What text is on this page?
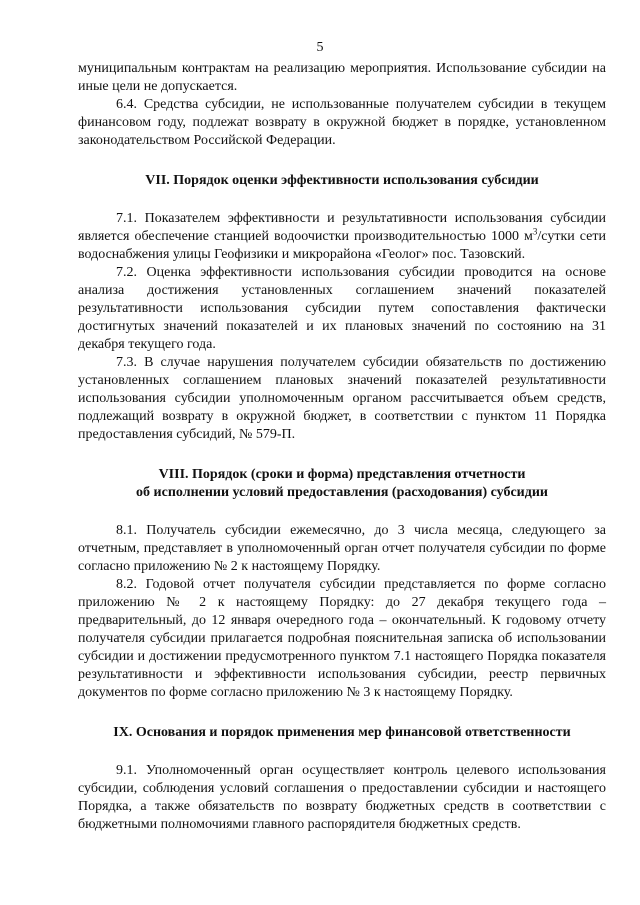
5

муниципальным контрактам на реализацию мероприятия. Использование субсидии на иные цели не допускается.

6.4. Средства субсидии, не использованные получателем субсидии в текущем финансовом году, подлежат возврату в окружной бюджет в порядке, установленном законодательством Российской Федерации.

VII. Порядок оценки эффективности использования субсидии

7.1. Показателем эффективности и результативности использования субсидии является обеспечение станцией водоочистки производительностью 1000 $м^3$/сутки сети водоснабжения улицы Геофизики и микрорайона «Геолог» пос. Тазовский.

7.2. Оценка эффективности использования субсидии проводится на основе анализа достижения установленных соглашением значений показателей результативности использования субсидии путем сопоставления фактически достигнутых значений показателей и их плановых значений по состоянию на 31 декабря текущего года.

7.3. В случае нарушения получателем субсидии обязательств по достижению установленных соглашением плановых значений показателей результативности использования субсидии уполномоченным органом рассчитывается объем средств, подлежащий возврату в окружной бюджет, в соответствии с пунктом 11 Порядка предоставления субсидий, № 579-П.

VIII. Порядок (сроки и форма) представления отчетности
об исполнении условий предоставления (расходования) субсидии

8.1. Получатель субсидии ежемесячно, до 3 числа месяца, следующего за отчетным, представляет в уполномоченный орган отчет получателя субсидии по форме согласно приложению № 2 к настоящему Порядку.

8.2. Годовой отчет получателя субсидии представляется по форме согласно приложению № 2 к настоящему Порядку: до 27 декабря текущего года – предварительный, до 12 января очередного года – окончательный. К годовому отчету получателя субсидии прилагается подробная пояснительная записка об использовании субсидии и достижении предусмотренного пунктом 7.1 настоящего Порядка показателя результативности и эффективности использования субсидии, реестр первичных документов по форме согласно приложению № 3 к настоящему Порядку.

IX. Основания и порядок применения мер финансовой ответственности

9.1. Уполномоченный орган осуществляет контроль целевого использования субсидии, соблюдения условий соглашения о предоставлении субсидии и настоящего Порядка, а также обязательств по возврату бюджетных средств в соответствии с бюджетными полномочиями главного распорядителя бюджетных средств.
